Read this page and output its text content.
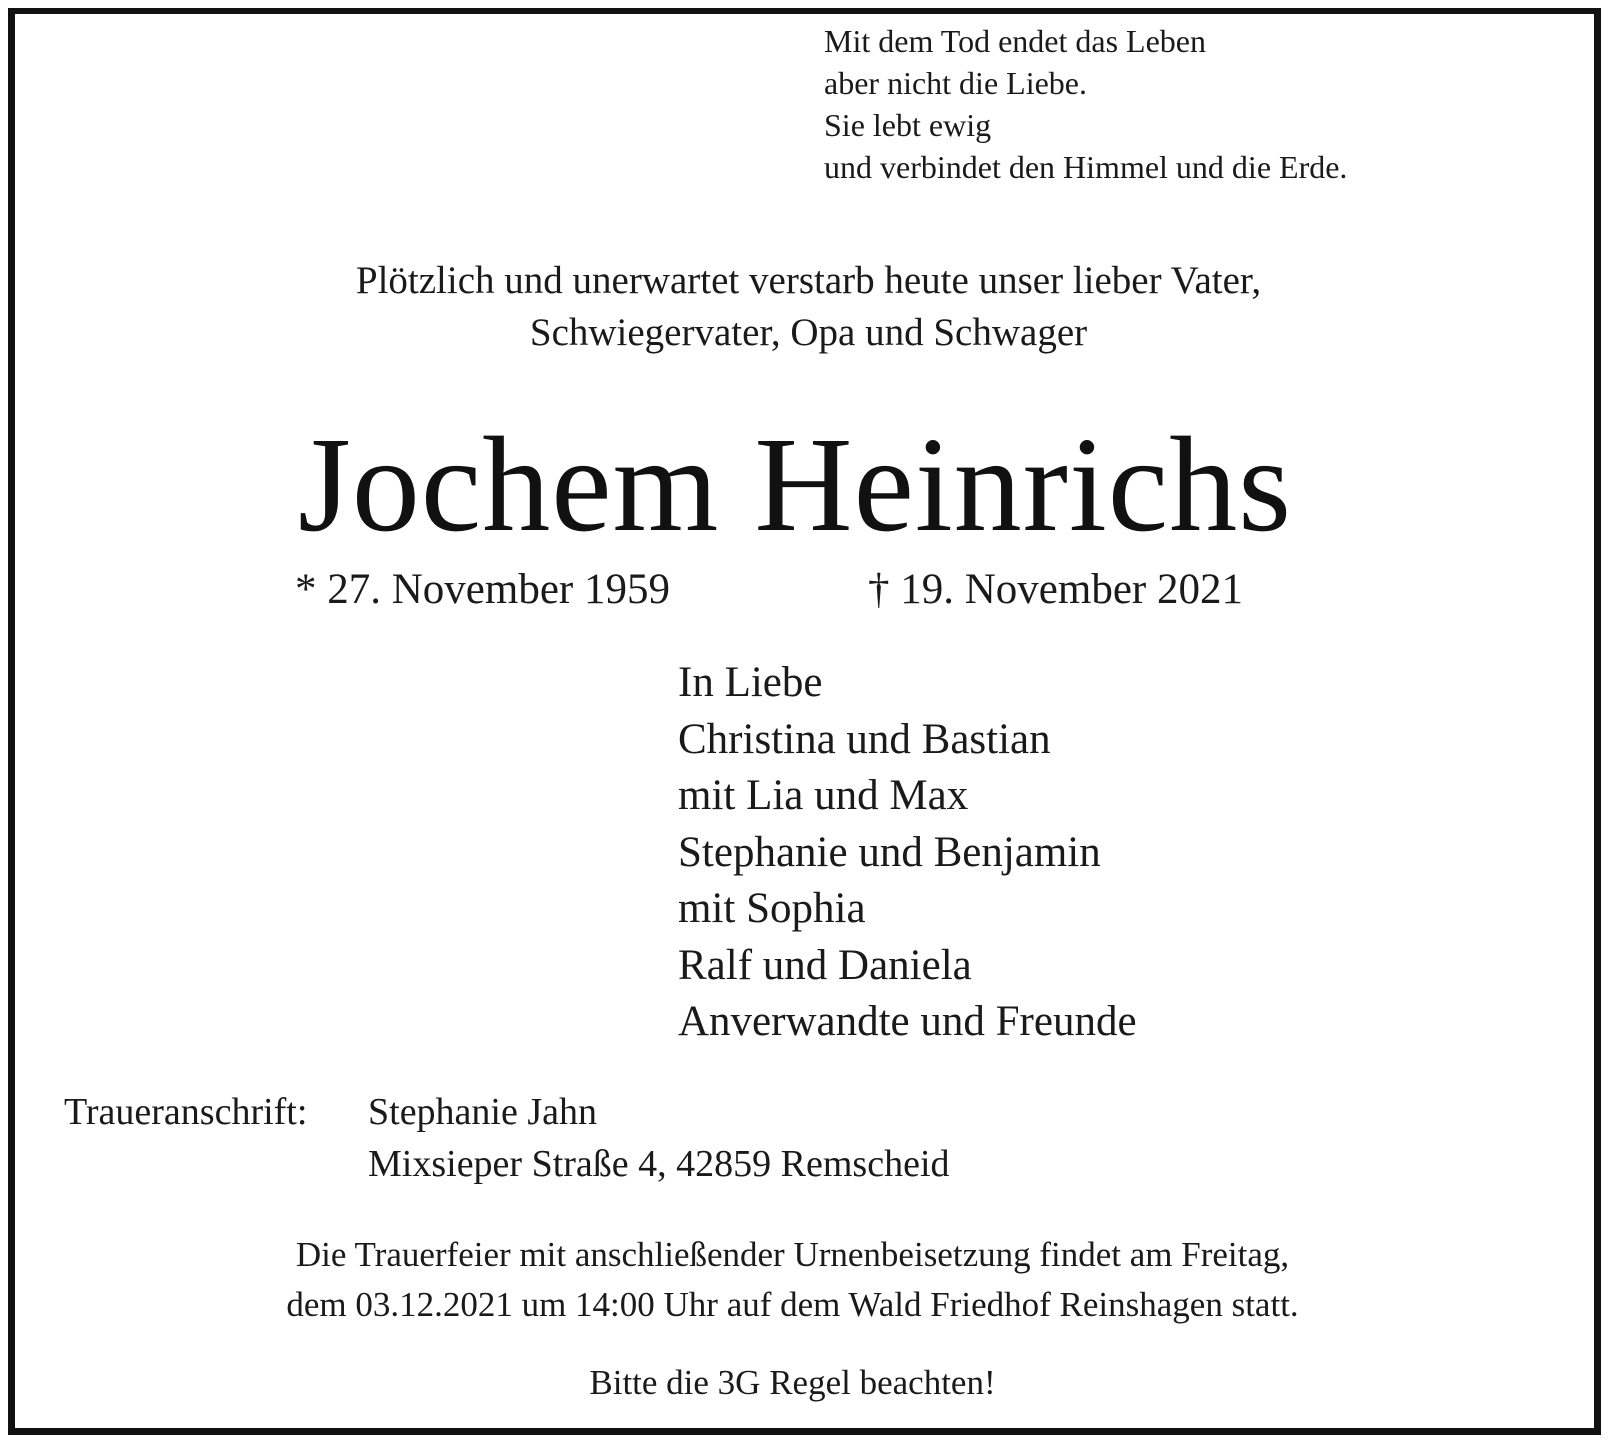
Mit dem Tod endet das Leben
aber nicht die Liebe.
Sie lebt ewig
und verbindet den Himmel und die Erde.
Plötzlich und unerwartet verstarb heute unser lieber Vater,
Schwiegervater, Opa und Schwager
Jochem Heinrichs
* 27. November 1959	† 19. November 2021
In Liebe
Christina und Bastian
mit Lia und Max
Stephanie und Benjamin
mit Sophia
Ralf und Daniela
Anverwandte und Freunde
Traueranschrift: Stephanie Jahn
Mixsieper Straße 4, 42859 Remscheid
Die Trauerfeier mit anschließender Urnenbeisetzung findet am Freitag,
dem 03.12.2021 um 14:00 Uhr auf dem Wald Friedhof Reinshagen statt.
Bitte die 3G Regel beachten!
